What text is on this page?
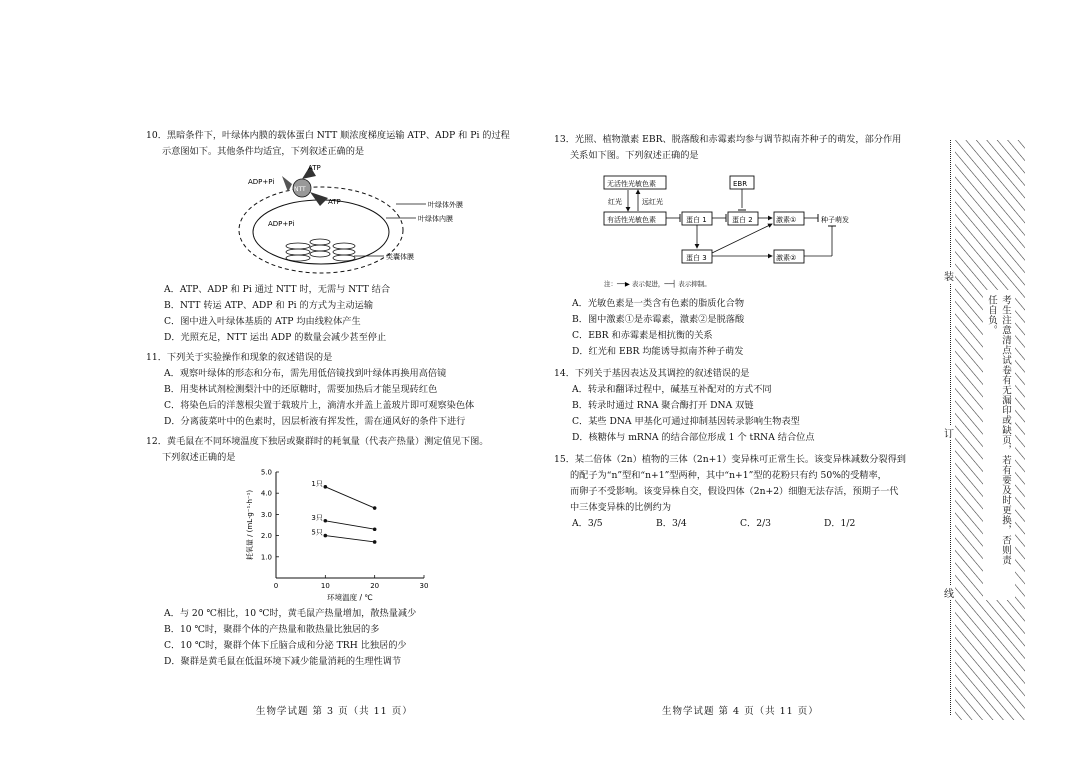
10．黑暗条件下，叶绿体内膜的载体蛋白 NTT 顺浓度梯度运输 ATP、ADP 和 Pi 的过程

示意图如下。其他条件均适宜，下列叙述正确的是

ATP
ADP+Pi
NTT
ATP
ADP+Pi
叶绿体外膜
叶绿体内膜
类囊体膜

A．ATP、ADP 和 Pi 通过 NTT 时，无需与 NTT 结合

B．NTT 转运 ATP、ADP 和 Pi 的方式为主动运输

C．图中进入叶绿体基质的 ATP 均由线粒体产生

D．光照充足，NTT 运出 ADP 的数量会减少甚至停止

11．下列关于实验操作和现象的叙述错误的是

A．观察叶绿体的形态和分布，需先用低倍镜找到叶绿体再换用高倍镜

B．用斐林试剂检测梨汁中的还原糖时，需要加热后才能呈现砖红色

C．将染色后的洋葱根尖置于载玻片上，滴清水并盖上盖玻片即可观察染色体

D．分离菠菜叶中的色素时，因层析液有挥发性，需在通风好的条件下进行

12．黄毛鼠在不同环境温度下独居或聚群时的耗氧量（代表产热量）测定值见下图。

下列叙述正确的是

1.0
2.0
3.0
4.0
5.0
0	10	20	30
环境温度 / ℃
耗氧量 / (mL·g⁻¹·h⁻¹)
1只
3只
5只

A．与 20 ℃相比，10 ℃时，黄毛鼠产热量增加，散热量减少

B．10 ℃时，聚群个体的产热量和散热量比独居的多

C．10 ℃时，聚群个体下丘脑合成和分泌 TRH 比独居的少

D．聚群是黄毛鼠在低温环境下减少能量消耗的生理性调节

生物学试题 第 3 页（共 11 页）

13．光照、植物激素 EBR、脱落酸和赤霉素均参与调节拟南芥种子的萌发，部分作用

关系如下图。下列叙述正确的是

无活性光敏色素
有活性光敏色素
红光	远红光
EBR
蛋白 1	蛋白 2	激素①	种子萌发
蛋白 3	激素②
注：──▶ 表示促进，──┤ 表示抑制。

A．光敏色素是一类含有色素的脂质化合物

B．图中激素①是赤霉素，激素②是脱落酸

C．EBR 和赤霉素是相抗衡的关系

D．红光和 EBR 均能诱导拟南芥种子萌发

14．下列关于基因表达及其调控的叙述错误的是

A．转录和翻译过程中，碱基互补配对的方式不同

B．转录时通过 RNA 聚合酶打开 DNA 双链

C．某些 DNA 甲基化可通过抑制基因转录影响生物表型

D．核糖体与 mRNA 的结合部位形成 1 个 tRNA 结合位点

15．某二倍体（2n）植物的三体（2n+1）变异株可正常生长。该变异株减数分裂得到

的配子为“n”型和“n+1”型两种，其中“n+1”型的花粉只有约 50%的受精率，

而卵子不受影响。该变异株自交，假设四体（2n+2）细胞无法存活，预期子一代

中三体变异株的比例约为

A．3/5	B．3/4	C．2/3	D．1/2
生物学试题 第 4 页（共 11 页）
考生注意清点试卷有无漏印或缺页，若有要及时更换，否则责任自负。
装
订
线
